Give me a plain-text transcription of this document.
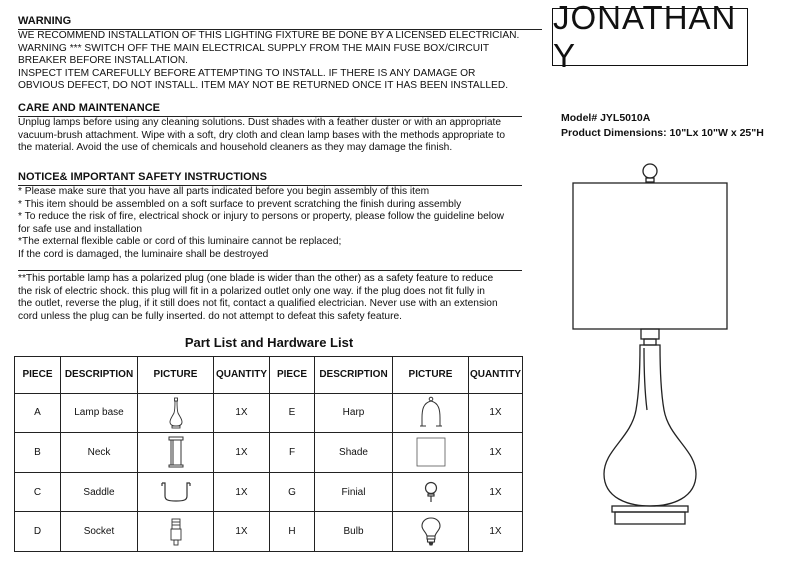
WARNING
WE RECOMMEND INSTALLATION OF THIS LIGHTING FIXTURE BE DONE BY A LICENSED ELECTRICIAN.
WARNING *** SWITCH OFF THE MAIN ELECTRICAL SUPPLY FROM THE MAIN FUSE BOX/CIRCUIT
BREAKER BEFORE INSTALLATION.
INSPECT ITEM CAREFULLY BEFORE ATTEMPTING TO INSTALL. IF THERE IS ANY DAMAGE OR
OBVIOUS DEFECT, DO NOT INSTALL. ITEM MAY NOT BE RETURNED ONCE IT HAS BEEN INSTALLED.
CARE AND MAINTENANCE
Unplug lamps before using any cleaning solutions. Dust shades with a feather duster or with an appropriate
vacuum-brush attachment. Wipe with a soft, dry cloth and clean lamp bases with the methods appropriate to
the material. Avoid the use of chemicals and household cleaners as they may damage the finish.
NOTICE& IMPORTANT SAFETY INSTRUCTIONS
* Please make sure that you have all parts indicated before you begin assembly of this item
* This item should be assembled on a soft surface to prevent scratching the finish during assembly
* To reduce the risk of fire, electrical shock or injury to persons or property, please follow the guideline below
for safe use and installation
*The external flexible cable or cord of this luminaire cannot be replaced;
If the cord is damaged, the luminaire shall be destroyed
**This portable lamp has a polarized plug (one blade is wider than the other) as a safety feature to reduce
the risk of electric shock. this plug will fit in a polarized outlet only one way. if the plug does not fit fully in
the outlet, reverse the plug, if it still does not fit, contact a qualified electrician. Never use with an extension
cord unless the plug can be fully inserted. do not attempt to defeat this safety feature.
JONATHAN Y
Model# JYL5010A
Product Dimensions: 10"Lx 10"W x 25"H
Part List and Hardware List
PIECE	DESCRIPTION	PICTURE	QUANTITY	PIECE	DESCRIPTION	PICTURE	QUANTITY
A	Lamp base		1X	E	Harp		1X
B	Neck		1X	F	Shade		1X
C	Saddle		1X	G	Finial		1X
D	Socket		1X	H	Bulb		1X
